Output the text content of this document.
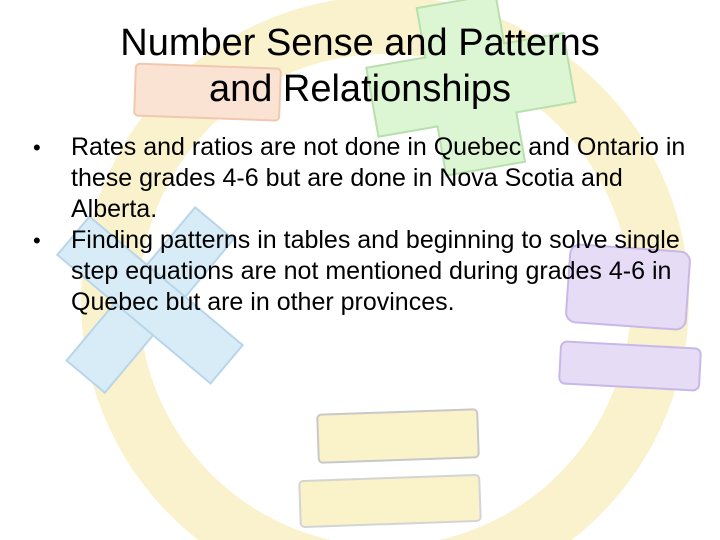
Number Sense and Patterns
and Relationships
• Rates and ratios are not done in Quebec and Ontario in these grades 4-6 but are done in Nova Scotia and Alberta.
• Finding patterns in tables and beginning to solve single step equations are not mentioned during grades 4-6 in Quebec but are in other provinces.
